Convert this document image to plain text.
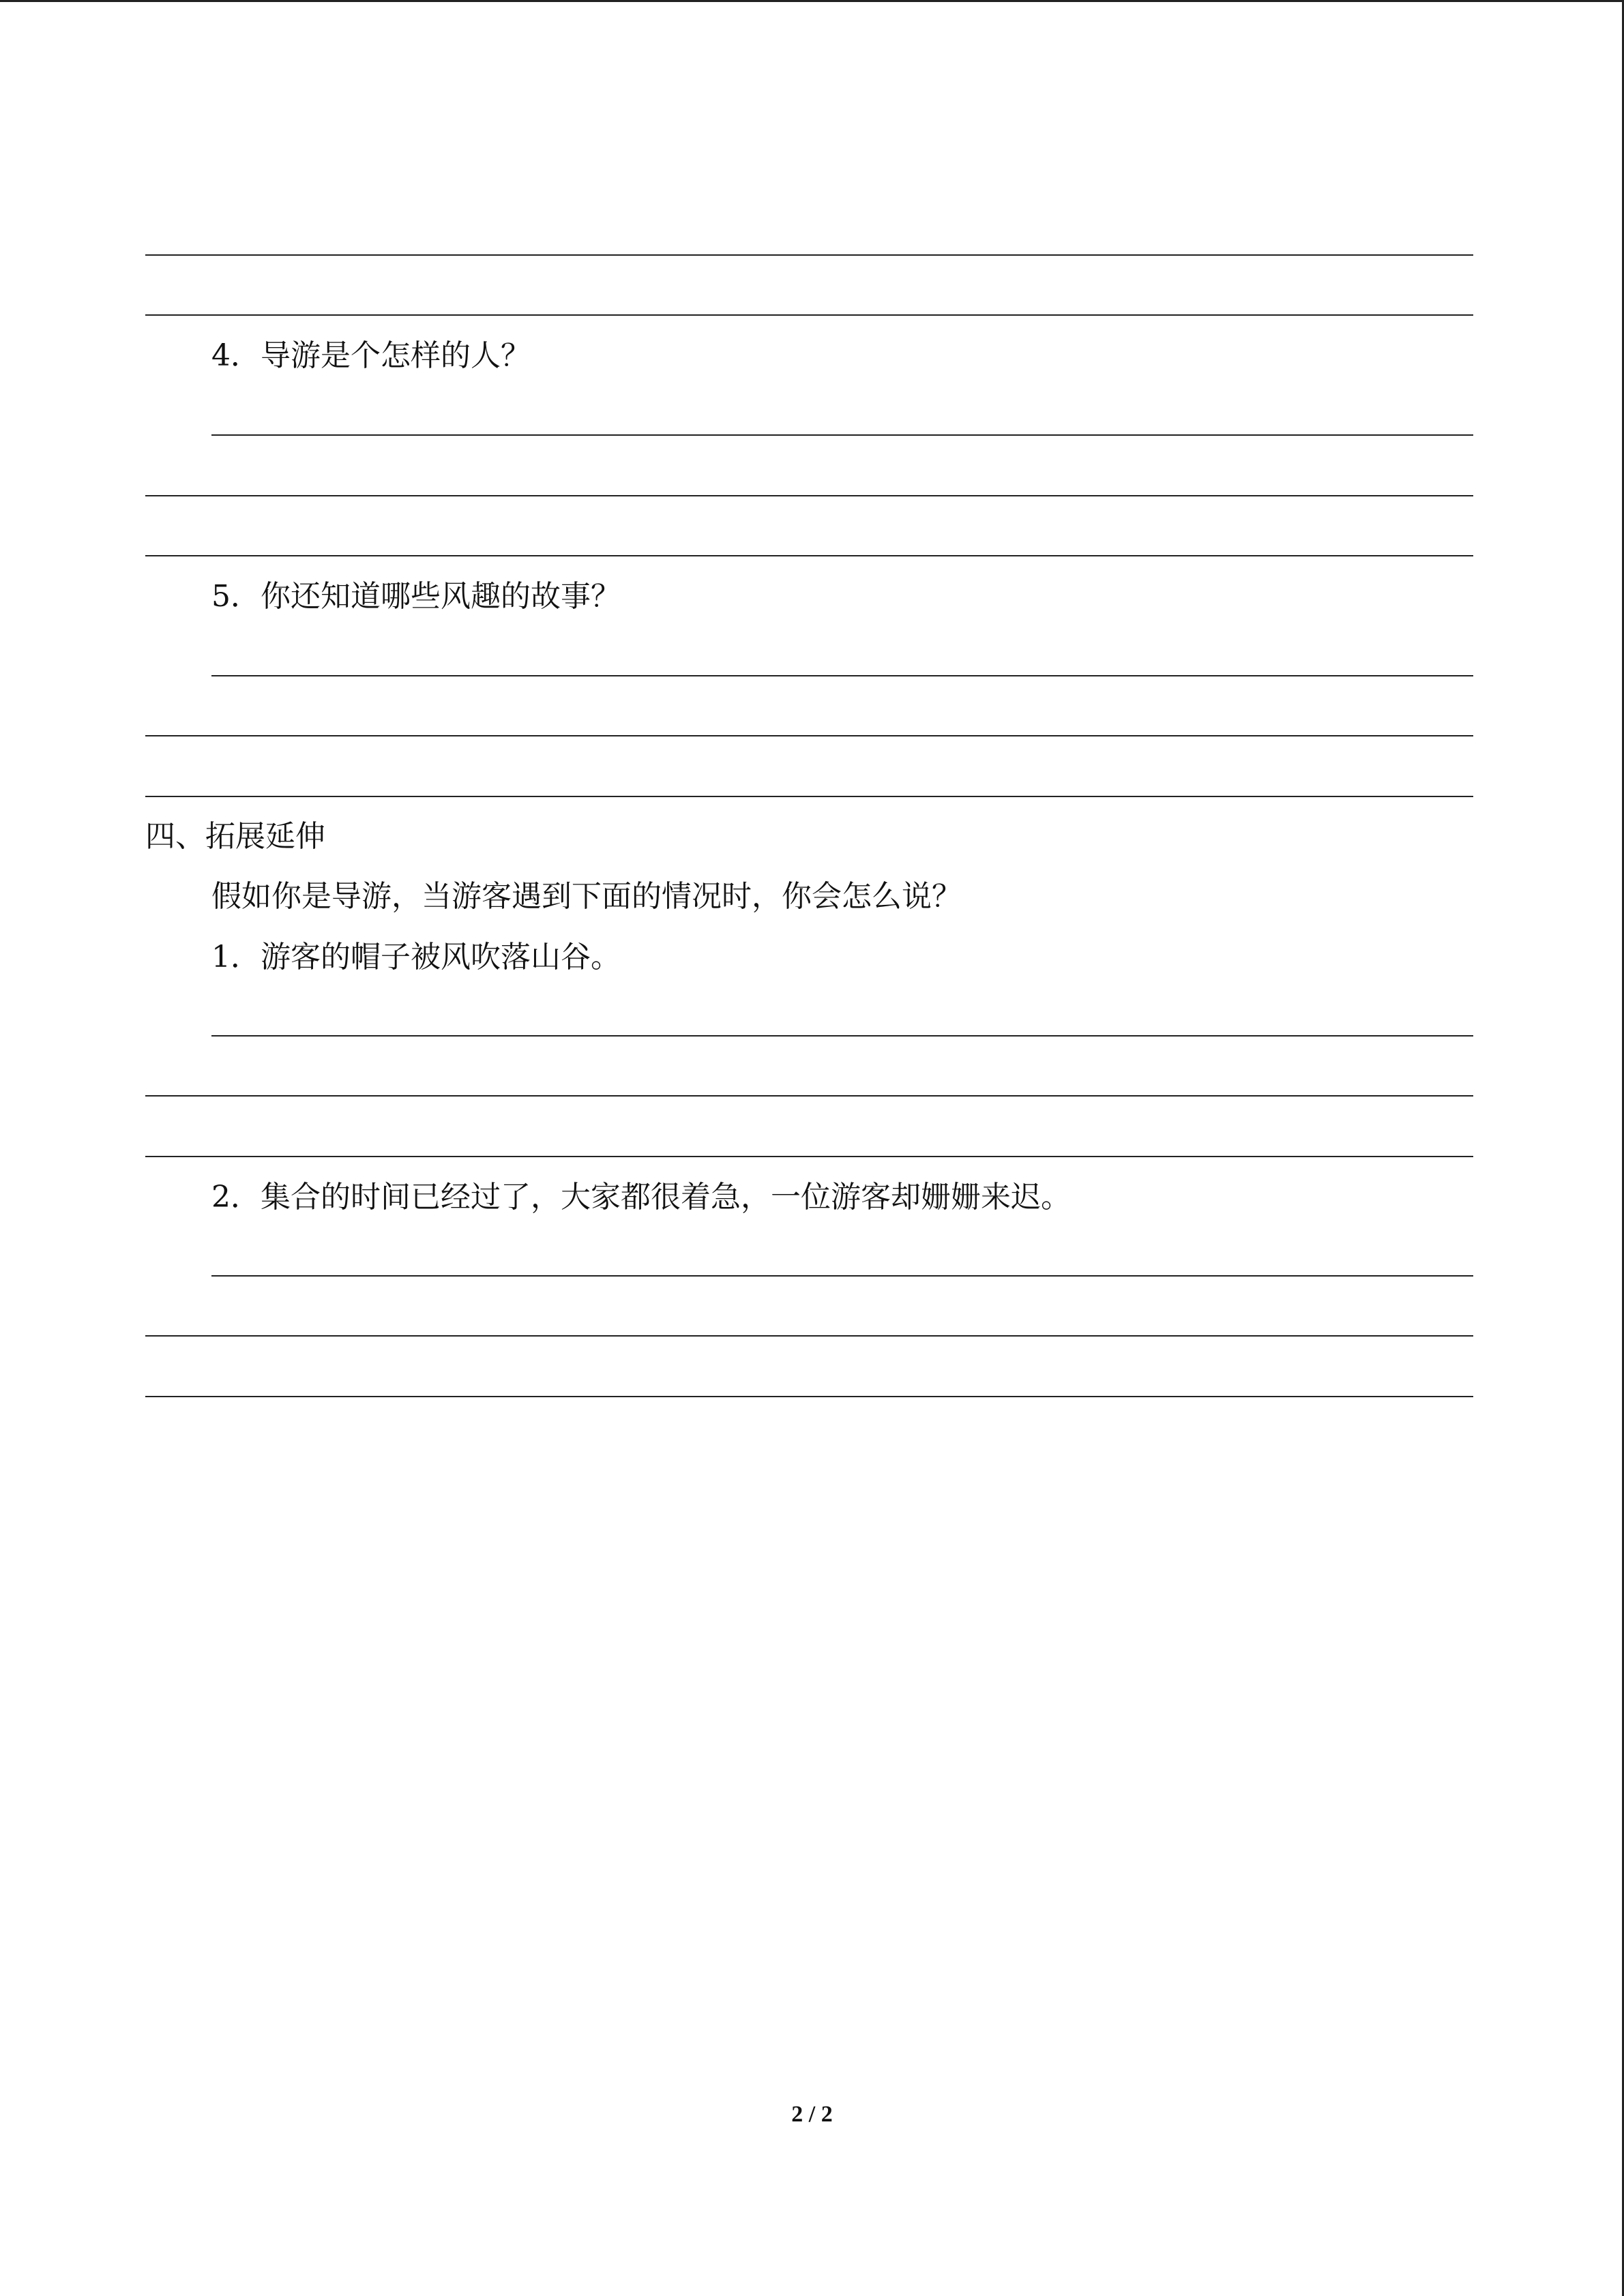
4．导游是个怎样的人？
5．你还知道哪些风趣的故事？
四、拓展延伸
假如你是导游，当游客遇到下面的情况时，你会怎么说？
1．游客的帽子被风吹落山谷。
2．集合的时间已经过了，大家都很着急，一位游客却姗姗来迟。
2 / 2
